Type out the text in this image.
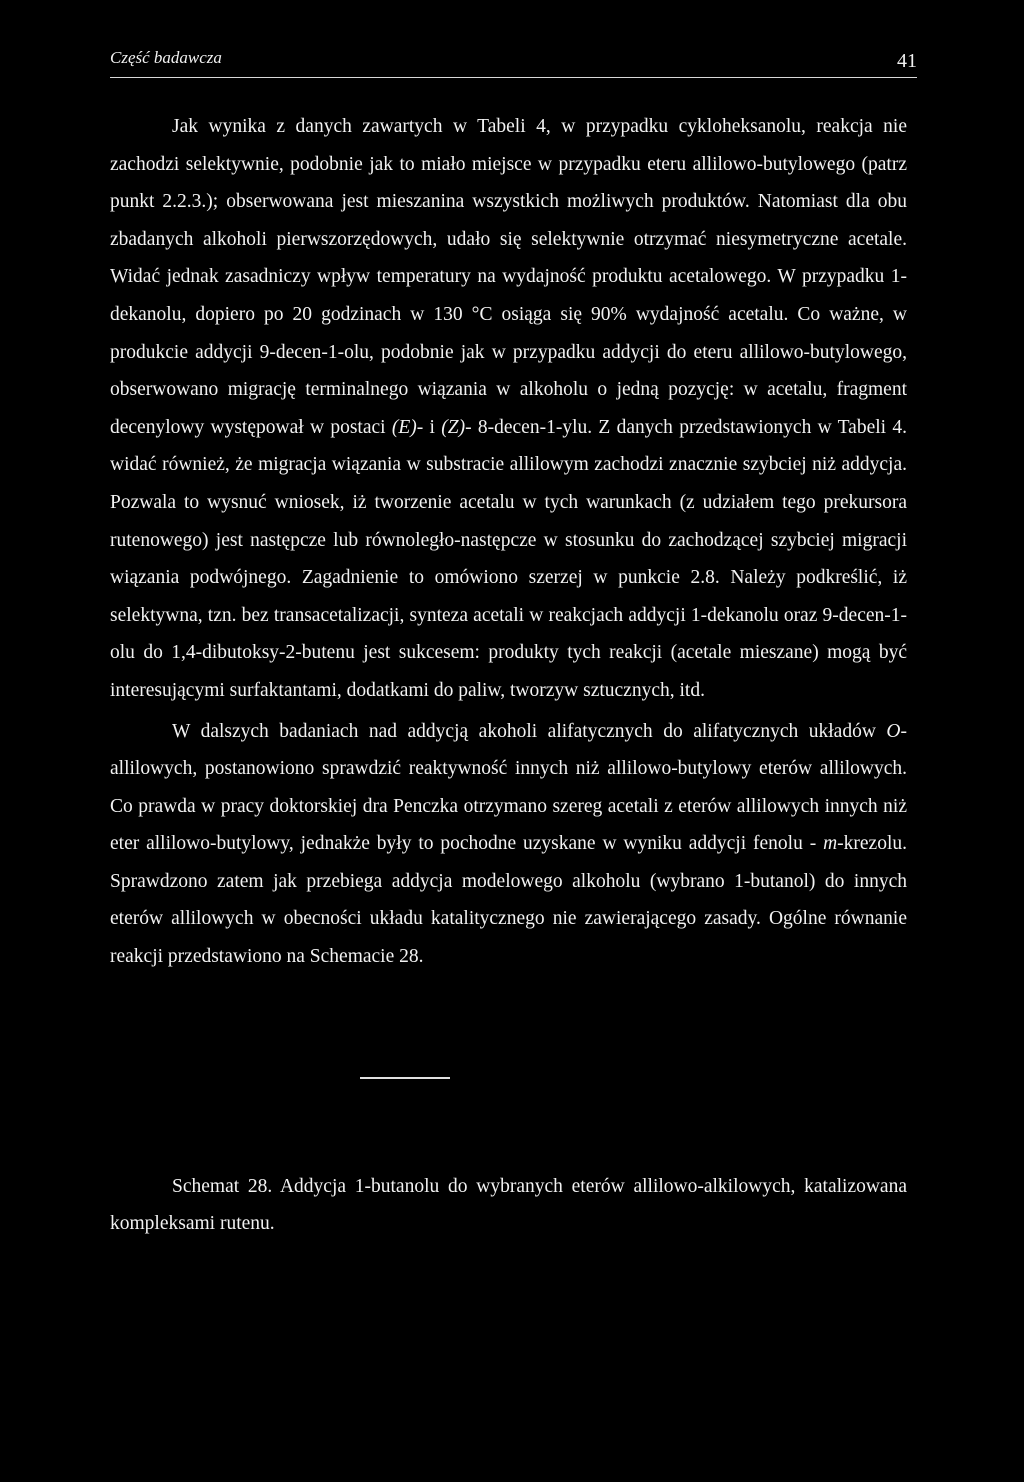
Część badawcza	41

Jak wynika z danych zawartych w Tabeli 4, w przypadku cykloheksanolu, reakcja nie zachodzi selektywnie, podobnie jak to miało miejsce w przypadku eteru allilowo-butylowego (patrz punkt 2.2.3.); obserwowana jest mieszanina wszystkich możliwych produktów. Natomiast dla obu zbadanych alkoholi pierwszorzędowych, udało się selektywnie otrzymać niesymetryczne acetale. Widać jednak zasadniczy wpływ temperatury na wydajność produktu acetalowego. W przypadku 1-dekanolu, dopiero po 20 godzinach w 130 °C osiąga się 90% wydajność acetalu. Co ważne, w produkcie addycji 9-decen-1-olu, podobnie jak w przypadku addycji do eteru allilowo-butylowego, obserwowano migrację terminalnego wiązania w alkoholu o jedną pozycję: w acetalu, fragment decenylowy występował w postaci (E)- i (Z)- 8-decen-1-ylu. Z danych przedstawionych w Tabeli 4. widać również, że migracja wiązania w substracie allilowym zachodzi znacznie szybciej niż addycja. Pozwala to wysnuć wniosek, iż tworzenie acetalu w tych warunkach (z udziałem tego prekursora rutenowego) jest następcze lub równoległo-następcze w stosunku do zachodzącej szybciej migracji wiązania podwójnego. Zagadnienie to omówiono szerzej w punkcie 2.8. Należy podkreślić, iż selektywna, tzn. bez transacetalizacji, synteza acetali w reakcjach addycji 1-dekanolu oraz 9-decen-1-olu do 1,4-dibutoksy-2-butenu jest sukcesem: produkty tych reakcji (acetale mieszane) mogą być interesującymi surfaktantami, dodatkami do paliw, tworzyw sztucznych, itd.

W dalszych badaniach nad addycją akoholi alifatycznych do alifatycznych układów O-allilowych, postanowiono sprawdzić reaktywność innych niż allilowo-butylowy eterów allilowych. Co prawda w pracy doktorskiej dra Penczka otrzymano szereg acetali z eterów allilowych innych niż eter allilowo-butylowy, jednakże były to pochodne uzyskane w wyniku addycji fenolu - m-krezolu. Sprawdzono zatem jak przebiega addycja modelowego alkoholu (wybrano 1-butanol) do innych eterów allilowych w obecności układu katalitycznego nie zawierającego zasady. Ogólne równanie reakcji przedstawiono na Schemacie 28.

Schemat 28. Addycja 1-butanolu do wybranych eterów allilowo-alkilowych, katalizowana kompleksami rutenu.
